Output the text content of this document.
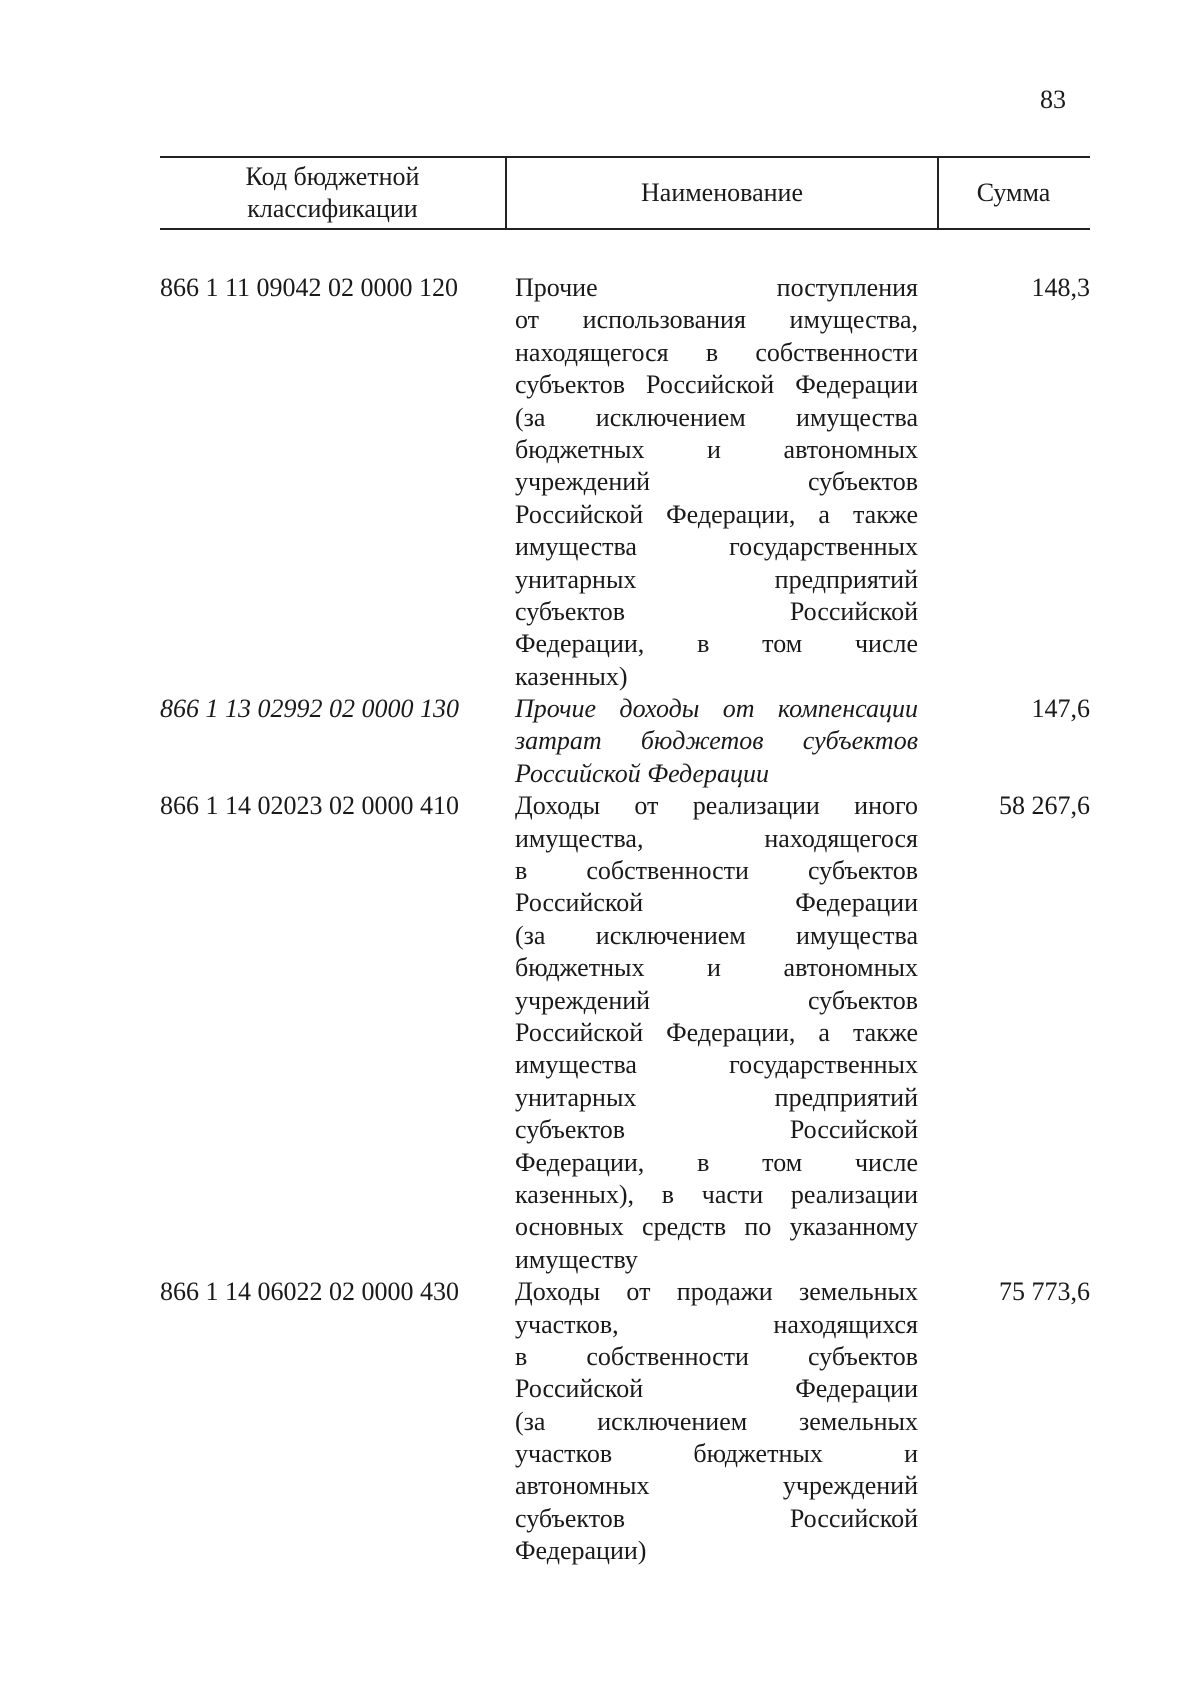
83
Код бюджетной классификации
Наименование	Сумма
866 1 11 09042 02 0000 120 Прочие поступления
от использования имущества,
находящегося в собственности
субъектов Российской Федерации
(за исключением имущества
бюджетных и автономных
учреждений субъектов
Российской Федерации, а также
имущества государственных
унитарных предприятий
субъектов Российской
Федерации, в том числе
казенных)
148,3
866 1 13 02992 02 0000 130 Прочие доходы от компенсации
затрат бюджетов субъектов
Российской Федерации
147,6
866 1 14 02023 02 0000 410 Доходы от реализации иного
имущества, находящегося
в собственности субъектов
Российской Федерации
(за исключением имущества
бюджетных и автономных
учреждений субъектов
Российской Федерации, а также
имущества государственных
унитарных предприятий
субъектов Российской
Федерации, в том числе
казенных), в части реализации
основных средств по указанному
имуществу
58 267,6
866 1 14 06022 02 0000 430 Доходы от продажи земельных
участков, находящихся
в собственности субъектов
Российской Федерации
(за исключением земельных
участков бюджетных и
автономных учреждений
субъектов Российской
Федерации)
75 773,6
